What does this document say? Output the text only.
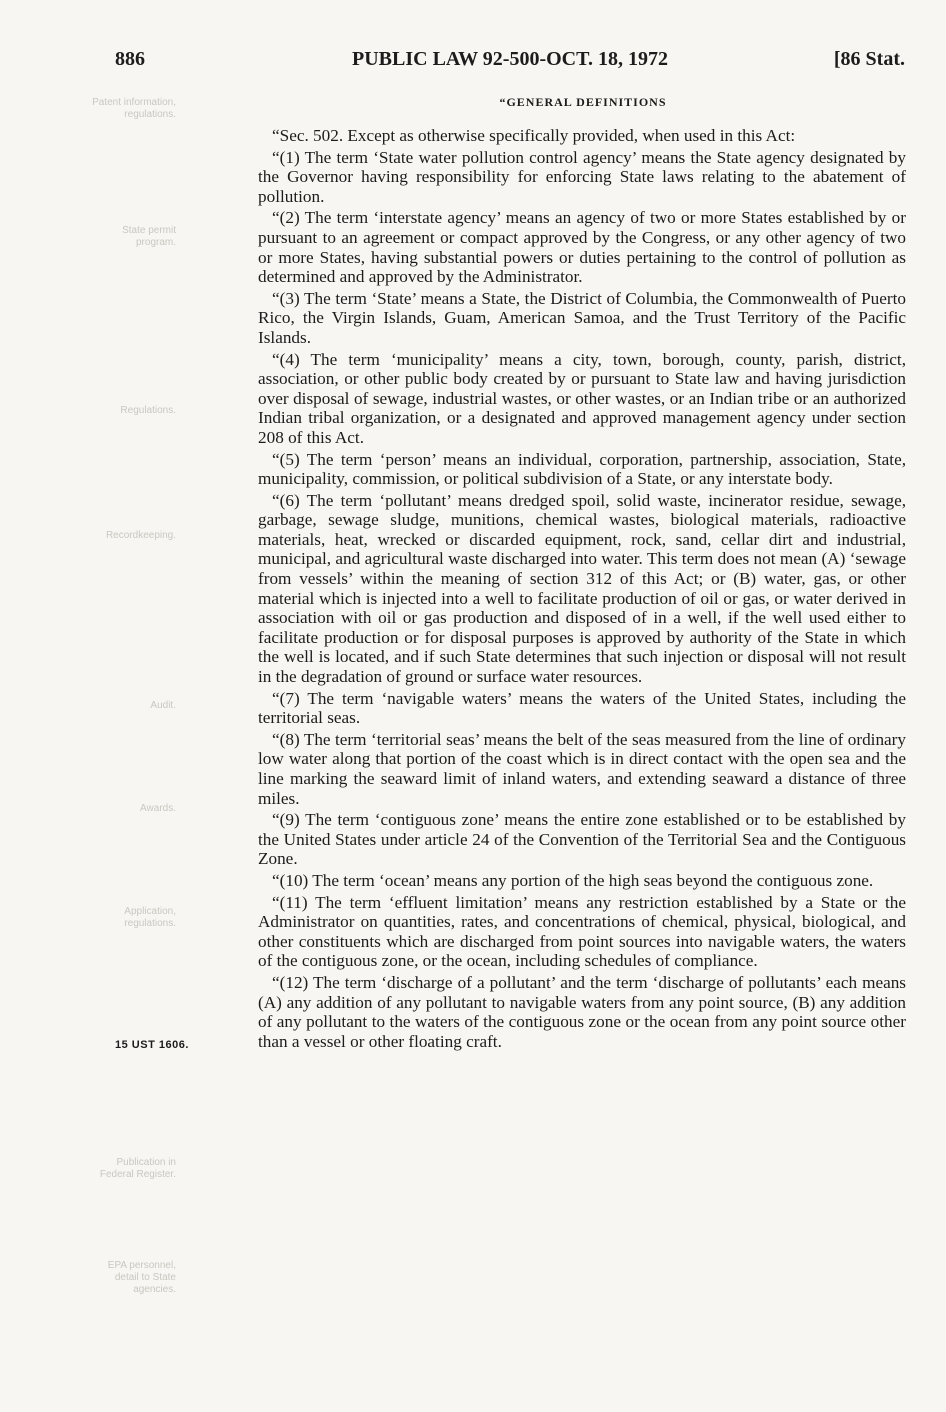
886	PUBLIC LAW 92-500-OCT. 18, 1972	[86 Stat.
“GENERAL DEFINITIONS
15 UST 1606.
Patent information,
regulations.
State permit
program.
Regulations.
Recordkeeping.
Audit.
Awards.
Application,
regulations.
Publication in
Federal Register.
EPA personnel,
detail to State
agencies.

“Sec. 502. Except as otherwise specifically provided, when used in this Act:

“(1) The term ‘State water pollution control agency’ means the State agency designated by the Governor having responsibility for enforcing State laws relating to the abatement of pollution.

“(2) The term ‘interstate agency’ means an agency of two or more States established by or pursuant to an agreement or compact approved by the Congress, or any other agency of two or more States, having substantial powers or duties pertaining to the control of pollution as determined and approved by the Administrator.

“(3) The term ‘State’ means a State, the District of Columbia, the Commonwealth of Puerto Rico, the Virgin Islands, Guam, American Samoa, and the Trust Territory of the Pacific Islands.

“(4) The term ‘municipality’ means a city, town, borough, county, parish, district, association, or other public body created by or pursuant to State law and having jurisdiction over disposal of sewage, industrial wastes, or other wastes, or an Indian tribe or an authorized Indian tribal organization, or a designated and approved management agency under section 208 of this Act.

“(5) The term ‘person’ means an individual, corporation, partnership, association, State, municipality, commission, or political subdivision of a State, or any interstate body.

“(6) The term ‘pollutant’ means dredged spoil, solid waste, incinerator residue, sewage, garbage, sewage sludge, munitions, chemical wastes, biological materials, radioactive materials, heat, wrecked or discarded equipment, rock, sand, cellar dirt and industrial, municipal, and agricultural waste discharged into water. This term does not mean (A) ‘sewage from vessels’ within the meaning of section 312 of this Act; or (B) water, gas, or other material which is injected into a well to facilitate production of oil or gas, or water derived in association with oil or gas production and disposed of in a well, if the well used either to facilitate production or for disposal purposes is approved by authority of the State in which the well is located, and if such State determines that such injection or disposal will not result in the degradation of ground or surface water resources.

“(7) The term ‘navigable waters’ means the waters of the United States, including the territorial seas.

“(8) The term ‘territorial seas’ means the belt of the seas measured from the line of ordinary low water along that portion of the coast which is in direct contact with the open sea and the line marking the seaward limit of inland waters, and extending seaward a distance of three miles.

“(9) The term ‘contiguous zone’ means the entire zone established or to be established by the United States under article 24 of the Convention of the Territorial Sea and the Contiguous Zone.

“(10) The term ‘ocean’ means any portion of the high seas beyond the contiguous zone.

“(11) The term ‘effluent limitation’ means any restriction established by a State or the Administrator on quantities, rates, and concentrations of chemical, physical, biological, and other constituents which are discharged from point sources into navigable waters, the waters of the contiguous zone, or the ocean, including schedules of compliance.

“(12) The term ‘discharge of a pollutant’ and the term ‘discharge of pollutants’ each means (A) any addition of any pollutant to navigable waters from any point source, (B) any addition of any pollutant to the waters of the contiguous zone or the ocean from any point source other than a vessel or other floating craft.
